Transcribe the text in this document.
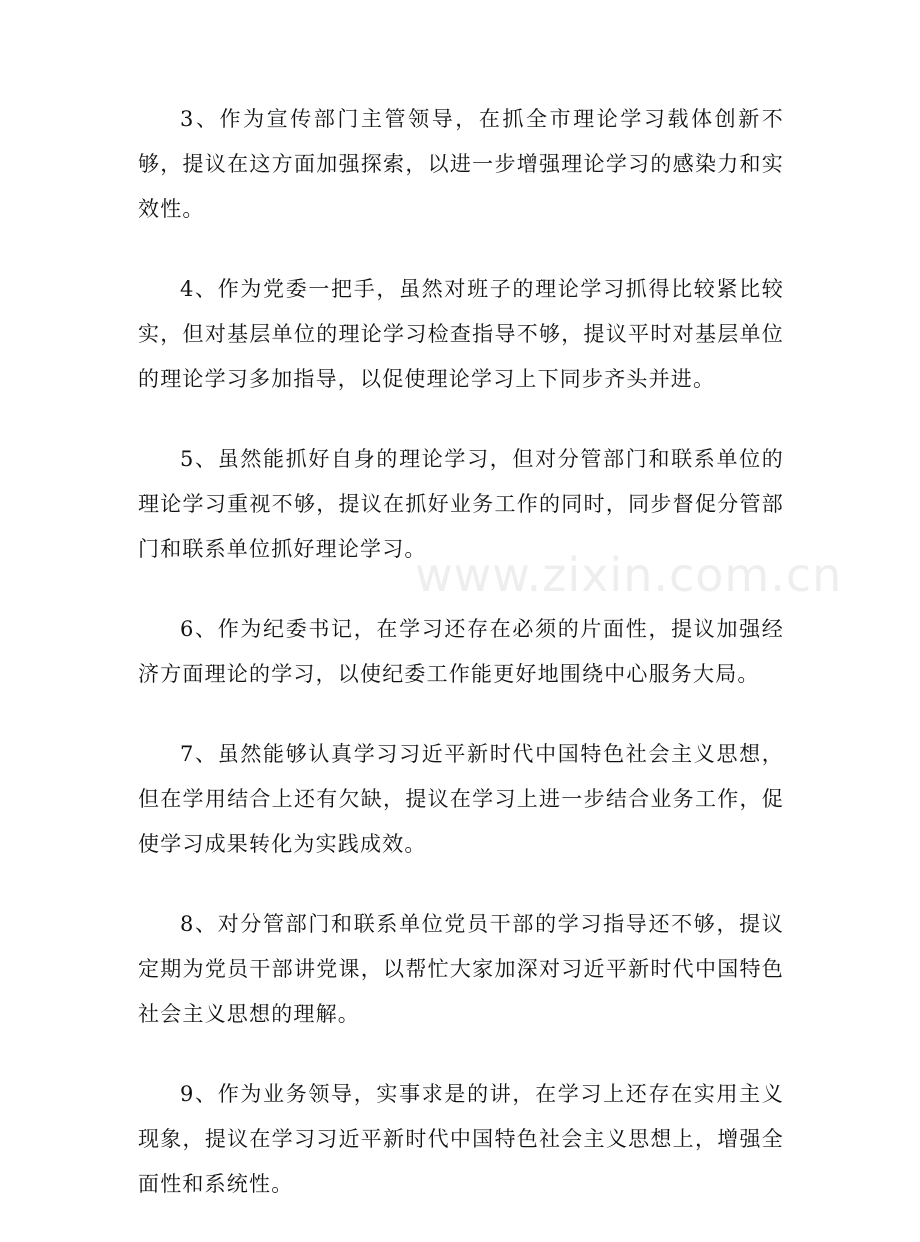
3、作为宣传部门主管领导，在抓全市理论学习载体创新不够，提议在这方面加强探索，以进一步增强理论学习的感染力和实效性。

4、作为党委一把手，虽然对班子的理论学习抓得比较紧比较实，但对基层单位的理论学习检查指导不够，提议平时对基层单位的理论学习多加指导，以促使理论学习上下同步齐头并进。

5、虽然能抓好自身的理论学习，但对分管部门和联系单位的理论学习重视不够，提议在抓好业务工作的同时，同步督促分管部门和联系单位抓好理论学习。

6、作为纪委书记，在学习还存在必须的片面性，提议加强经济方面理论的学习，以使纪委工作能更好地围绕中心服务大局。

7、虽然能够认真学习习近平新时代中国特色社会主义思想，但在学用结合上还有欠缺，提议在学习上进一步结合业务工作，促使学习成果转化为实践成效。

8、对分管部门和联系单位党员干部的学习指导还不够，提议定期为党员干部讲党课，以帮忙大家加深对习近平新时代中国特色社会主义思想的理解。

9、作为业务领导，实事求是的讲，在学习上还存在实用主义现象，提议在学习习近平新时代中国特色社会主义思想上，增强全面性和系统性。

www.zixin.com.cn
